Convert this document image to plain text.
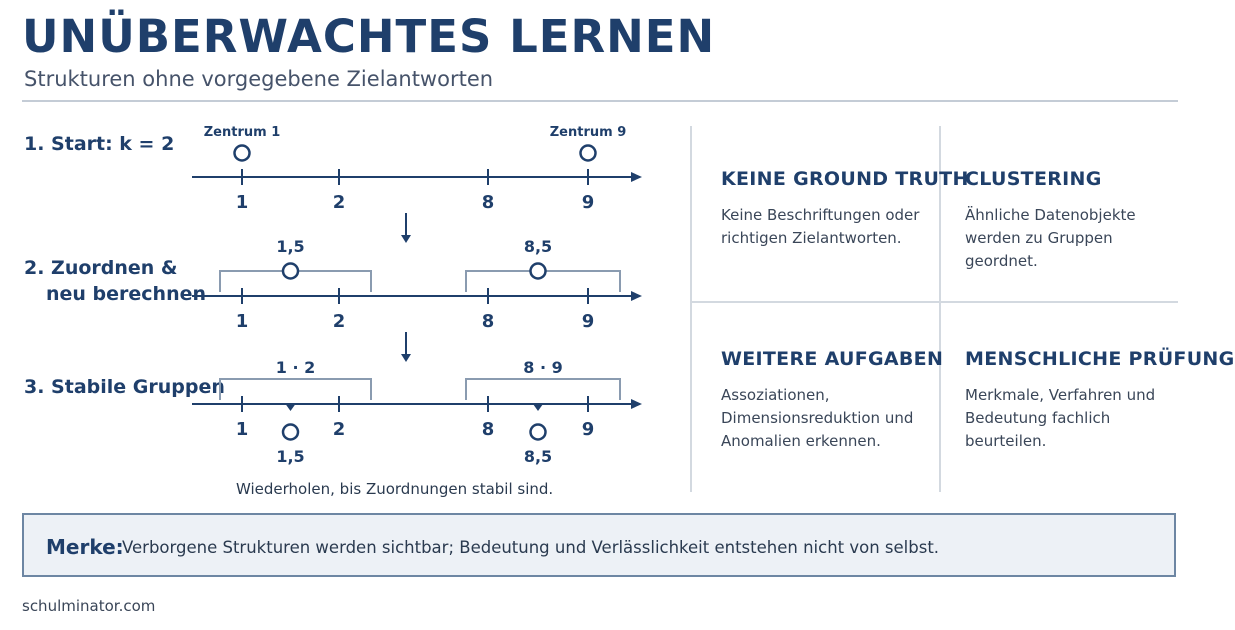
UNÜBERWACHTES LERNEN
Strukturen ohne vorgegebene Zielantworten
1. Start: k = 2
2. Zuordnen &
neu berechnen
3. Stabile Gruppen
1	2	8	9
Zentrum 1	Zentrum 9
1	2	8	9
1,5	8,5
1	2	8	9
1 · 2	8 · 9
1,5	8,5
Wiederholen, bis Zuordnungen stabil sind.
KEINE GROUND TRUTH
Keine Beschriftungen oder richtigen Zielantworten.
CLUSTERING
Ähnliche Datenobjekte werden zu Gruppen geordnet.
WEITERE AUFGABEN
Assoziationen, Dimensionsreduktion und Anomalien erkennen.
MENSCHLICHE PRÜFUNG
Merkmale, Verfahren und Bedeutung fachlich beurteilen.
Merke:
Verborgene Strukturen werden sichtbar; Bedeutung und Verlässlichkeit entstehen nicht von selbst.
schulminator.com
